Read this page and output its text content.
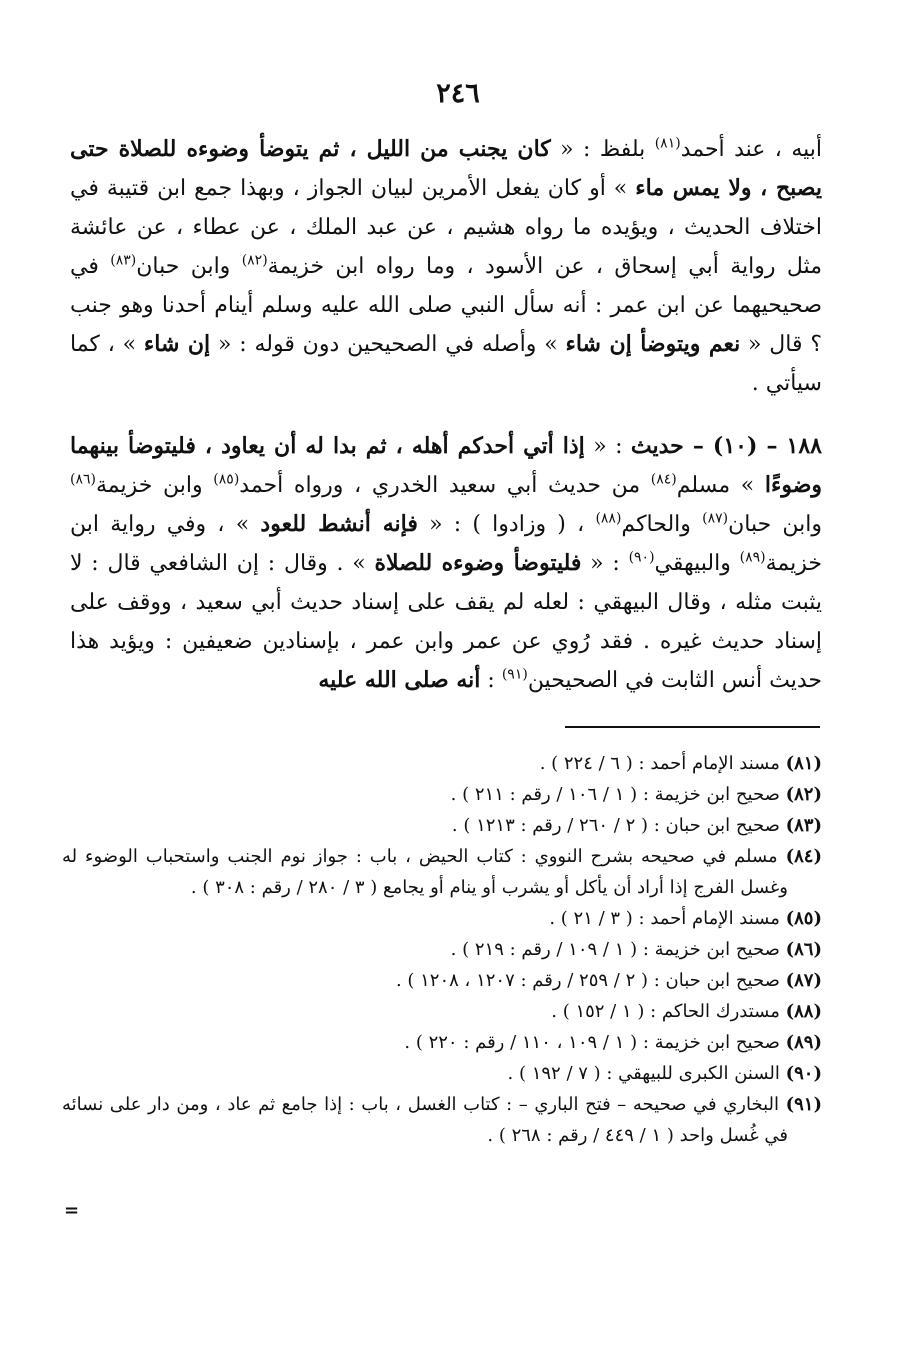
٢٤٦

أبيه ، عند أحمد$^{(٨١)}$ بلفظ : « كان يجنب من الليل ، ثم يتوضأ وضوءه للصلاة حتى يصبح ، ولا يمس ماء » أو كان يفعل الأمرين لبيان الجواز ، وبهذا جمع ابن قتيبة في اختلاف الحديث ، ويؤيده ما رواه هشيم ، عن عبد الملك ، عن عطاء ، عن عائشة مثل رواية أبي إسحاق ، عن الأسود ، وما رواه ابن خزيمة$^{(٨٢)}$ وابن حبان$^{(٨٣)}$ في صحيحيهما عن ابن عمر : أنه سأل النبي صلى الله عليه وسلم أينام أحدنا وهو جنب ؟ قال « نعم ويتوضأ إن شاء » وأصله في الصحيحين دون قوله : « إن شاء » ، كما سيأتي .

١٨٨ – (١٠) – حديث : « إذا أتي أحدكم أهله ، ثم بدا له أن يعاود ، فليتوضأ بينهما وضوءًا » مسلم$^{(٨٤)}$ من حديث أبي سعيد الخدري ، ورواه أحمد$^{(٨٥)}$ وابن خزيمة$^{(٨٦)}$ وابن حبان$^{(٨٧)}$ والحاكم$^{(٨٨)}$ ، ( وزادوا ) : « فإنه أنشط للعود » ، وفي رواية ابن خزيمة$^{(٨٩)}$ والبيهقي$^{(٩٠)}$ : « فليتوضأ وضوءه للصلاة » . وقال : إن الشافعي قال : لا يثبت مثله ، وقال البيهقي : لعله لم يقف على إسناد حديث أبي سعيد ، ووقف على إسناد حديث غيره . فقد رُوي عن عمر وابن عمر ، بإسنادين ضعيفين : ويؤيد هذا حديث أنس الثابت في الصحيحين$^{(٩١)}$ : أنه صلى الله عليه

(٨١) مسند الإمام أحمد : ( ٦ / ٢٢٤ ) .

(٨٢) صحيح ابن خزيمة : ( ١ / ١٠٦ / رقم : ٢١١ ) .

(٨٣) صحيح ابن حبان : ( ٢ / ٢٦٠ / رقم : ١٢١٣ ) .

(٨٤) مسلم في صحيحه بشرح النووي : كتاب الحيض ، باب : جواز نوم الجنب واستحباب الوضوء له وغسل الفرج إذا أراد أن يأكل أو يشرب أو ينام أو يجامع ( ٣ / ٢٨٠ / رقم : ٣٠٨ ) .

(٨٥) مسند الإمام أحمد : ( ٣ / ٢١ ) .

(٨٦) صحيح ابن خزيمة : ( ١ / ١٠٩ / رقم : ٢١٩ ) .

(٨٧) صحيح ابن حبان : ( ٢ / ٢٥٩ / رقم : ١٢٠٧ ، ١٢٠٨ ) .

(٨٨) مستدرك الحاكم : ( ١ / ١٥٢ ) .

(٨٩) صحيح ابن خزيمة : ( ١ / ١٠٩ ، ١١٠ / رقم : ٢٢٠ ) .

(٩٠) السنن الكبرى للبيهقي : ( ٧ / ١٩٢ ) .

(٩١) البخاري في صحيحه – فتح الباري – : كتاب الغسل ، باب : إذا جامع ثم عاد ، ومن دار على نسائه في غُسل واحد ( ١ / ٤٤٩ / رقم : ٢٦٨ ) .

=
